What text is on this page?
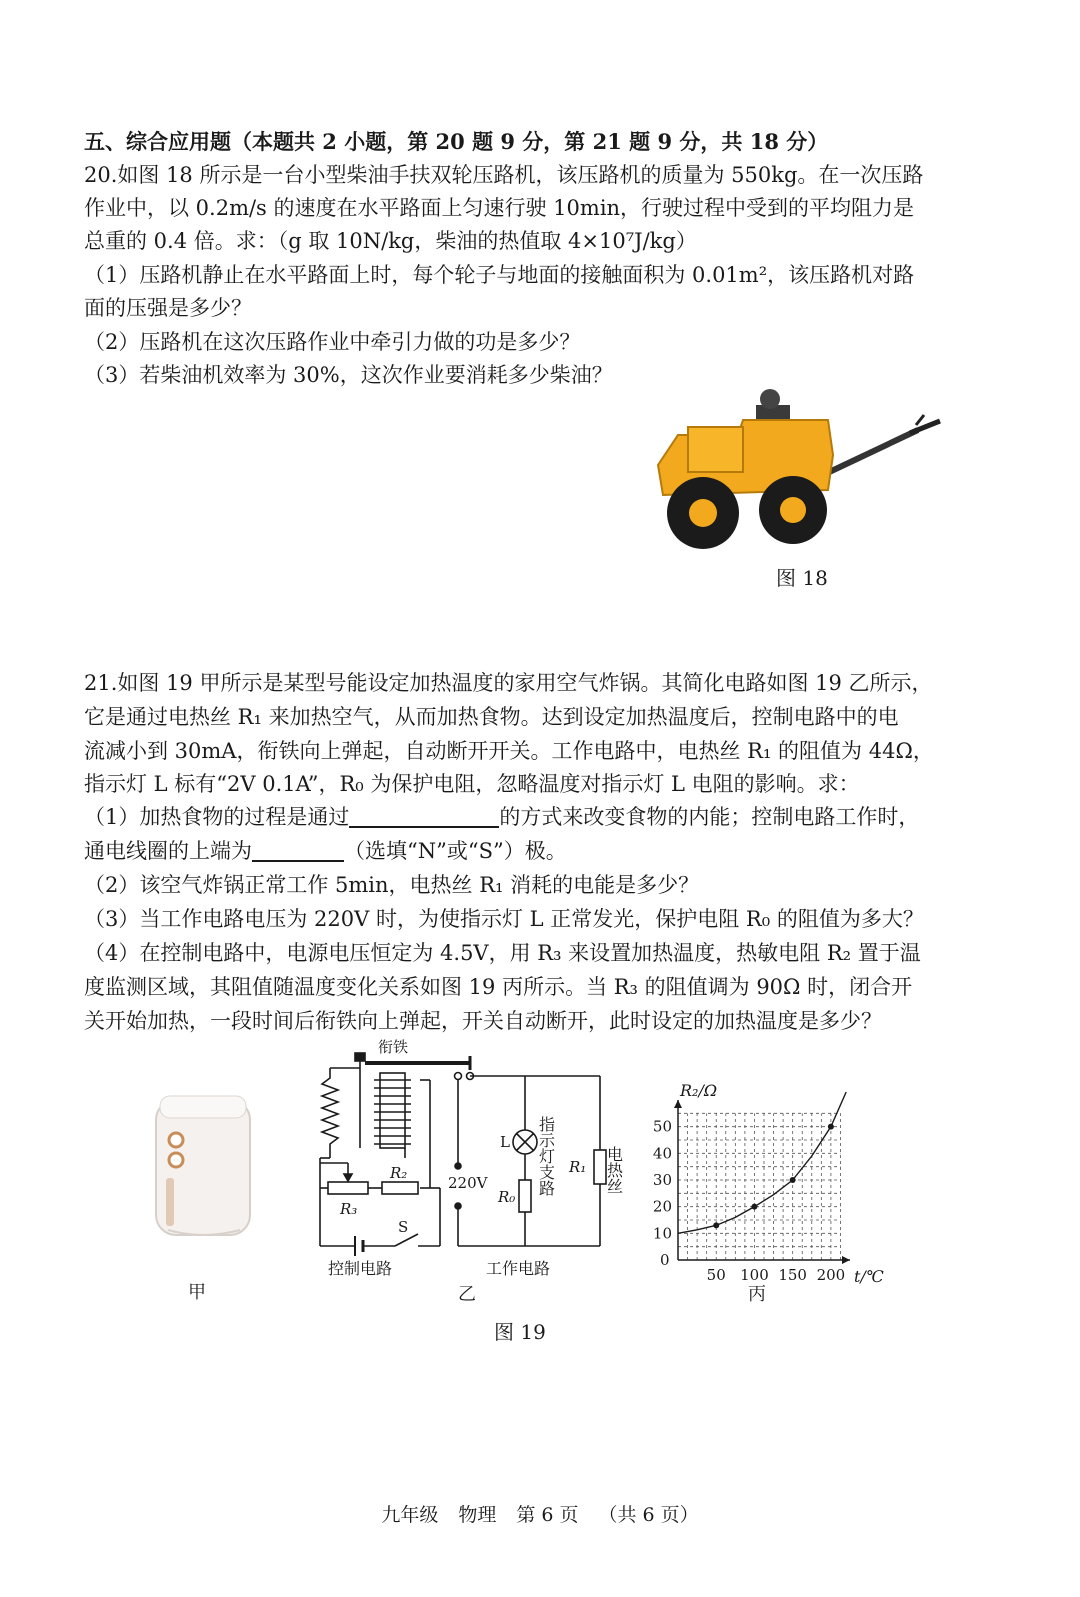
五、综合应用题（本题共 2 小题，第 20 题 9 分，第 21 题 9 分，共 18 分）
20.如图 18 所示是一台小型柴油手扶双轮压路机，该压路机的质量为 550kg。在一次压路
作业中，以 0.2m/s 的速度在水平路面上匀速行驶 10min，行驶过程中受到的平均阻力是
总重的 0.4 倍。求：（g 取 10N/kg，柴油的热值取 4×10⁷J/kg）
（1）压路机静止在水平路面上时，每个轮子与地面的接触面积为 0.01m²，该压路机对路
面的压强是多少？
（2）压路机在这次压路作业中牵引力做的功是多少？
（3）若柴油机效率为 30%，这次作业要消耗多少柴油？
图 18
21.如图 19 甲所示是某型号能设定加热温度的家用空气炸锅。其简化电路如图 19 乙所示，
它是通过电热丝 R₁ 来加热空气，从而加热食物。达到设定加热温度后，控制电路中的电
流减小到 30mA，衔铁向上弹起，自动断开开关。工作电路中，电热丝 R₁ 的阻值为 44Ω，
指示灯 L 标有“2V 0.1A”，R₀ 为保护电阻，忽略温度对指示灯 L 电阻的影响。求：
（1）加热食物的过程是通过	的方式来改变食物的内能；控制电路工作时，
通电线圈的上端为	（选填“N”或“S”）极。
（2）该空气炸锅正常工作 5min，电热丝 R₁ 消耗的电能是多少？
（3）当工作电路电压为 220V 时，为使指示灯 L 正常发光，保护电阻 R₀ 的阻值为多大？
（4）在控制电路中，电源电压恒定为 4.5V，用 R₃ 来设置加热温度，热敏电阻 R₂ 置于温
度监测区域，其阻值随温度变化关系如图 19 丙所示。当 R₃ 的阻值调为 90Ω 时，闭合开
关开始加热，一段时间后衔铁向上弹起，开关自动断开，此时设定的加热温度是多少？
甲
衔铁
R₂
R₃
S
控制电路
220V
L
R₀
R₁
指示灯支路	电热丝
工作电路
乙
50 100 150 200
10
20
30
40
50
R₂/Ω
t/℃
0
丙
图 19
九年级 物理 第 6 页 （共 6 页）
